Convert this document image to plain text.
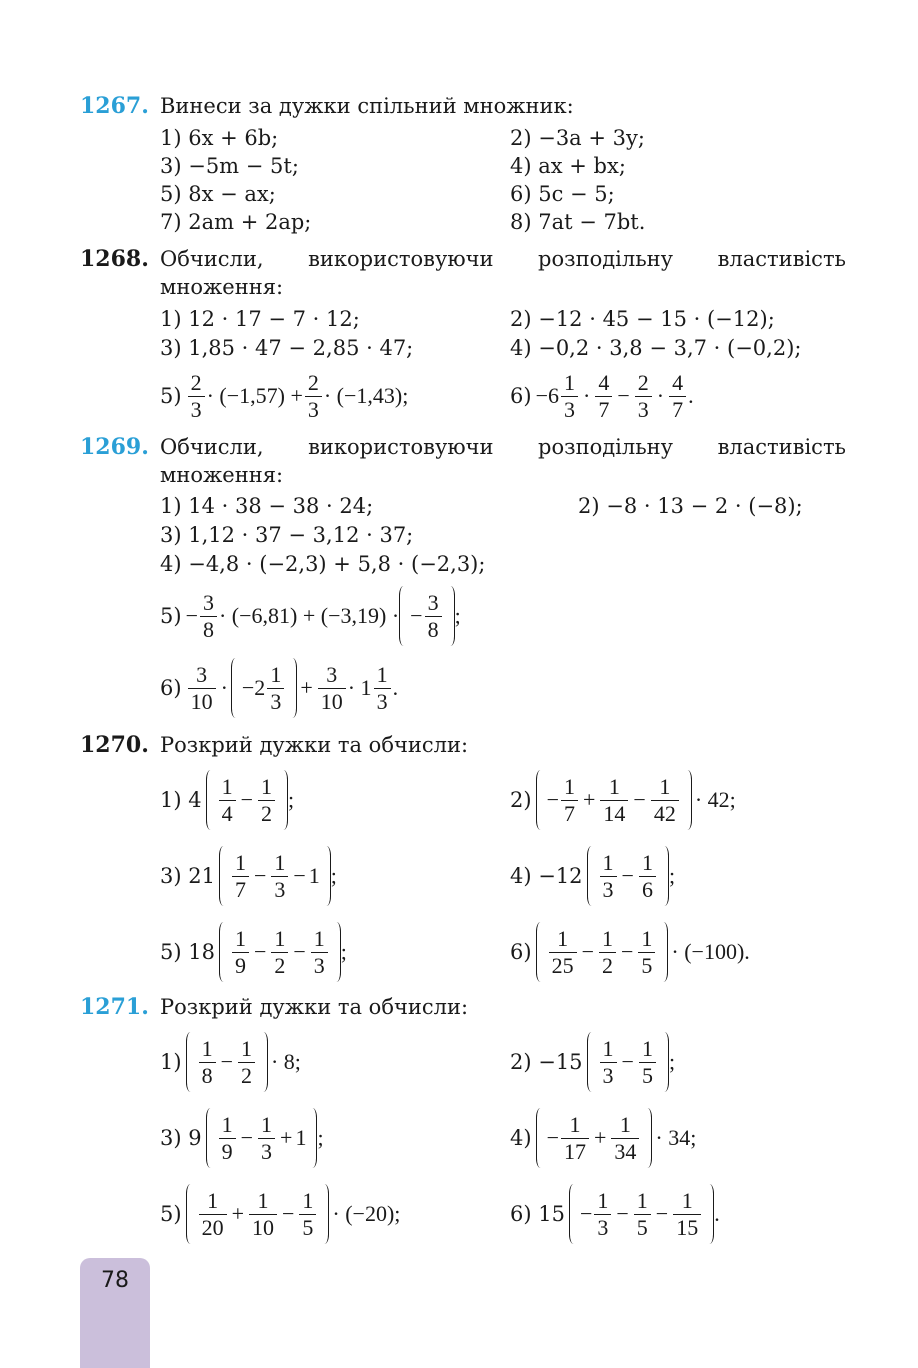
1267. Винеси за дужки спільний множник:
1) 6x + 6b;	2) −3a + 3y;
3) −5m − 5t;	4) ax + bx;
5) 8x − ax;	6) 5c − 5;
7) 2am + 2ap;	8) 7at − 7bt.
1268. Обчисли, використовуючи розподільну властивість
множення:
1) 12 · 17 − 7 · 12;	2) −12 · 45 − 15 · (−12);
3) 1,85 · 47 − 2,85 · 47;	4) −0,2 · 3,8 − 3,7 · (−0,2);
$5) \frac{2}{3} \cdot (-1,57) + \frac{2}{3} \cdot (-1,43)$;	$6) -6 \frac{1}{3} \cdot \frac{4}{7} - \frac{2}{3} \cdot \frac{4}{7}$ .
1269. Обчисли, використовуючи розподільну властивість
множення:
1) 14 · 38 − 38 · 24;	2) −8 · 13 − 2 · (−8);
3) 1,12 · 37 − 3,12 · 37;
4) −4,8 · (−2,3) + 5,8 · (−2,3);
$5) - \frac{3}{8} \cdot (-6,81) + (-3,19)$ · − $\frac{3}{8}$ ;
$6) \frac{3}{10} \cdot -2 \frac{1}{3} + \frac{3}{10} \cdot 1 \frac{1}{3}$ .
1270. Розкрий дужки та обчисли:
1) $4 \frac{1}{4} - \frac{1}{2}$ ;	$2) - \frac{1}{7} + \frac{1}{14} - \frac{1}{42} \cdot 42$;
3) $21 \frac{1}{7} - \frac{1}{3} - 1$ ;	$4) -12 \frac{1}{3} - \frac{1}{6}$ ;
5) $18 \frac{1}{9} - \frac{1}{2} - \frac{1}{3}$ ;	$6) \frac{1}{25} - \frac{1}{2} - \frac{1}{5} \cdot (-100)$.
1271. Розкрий дужки та обчисли:
$1) \frac{1}{8} - \frac{1}{2} \cdot 8$;	$2) -15 \frac{1}{3} - \frac{1}{5}$ ;
3) $9 \frac{1}{9} - \frac{1}{3} + 1$ ;	$4) - \frac{1}{17} + \frac{1}{34} \cdot 34$;
$5) \frac{1}{20} + \frac{1}{10} - \frac{1}{5} \cdot (-20)$;	6) $15 - \frac{1}{3} - \frac{1}{5} - \frac{1}{15}$ .
78
